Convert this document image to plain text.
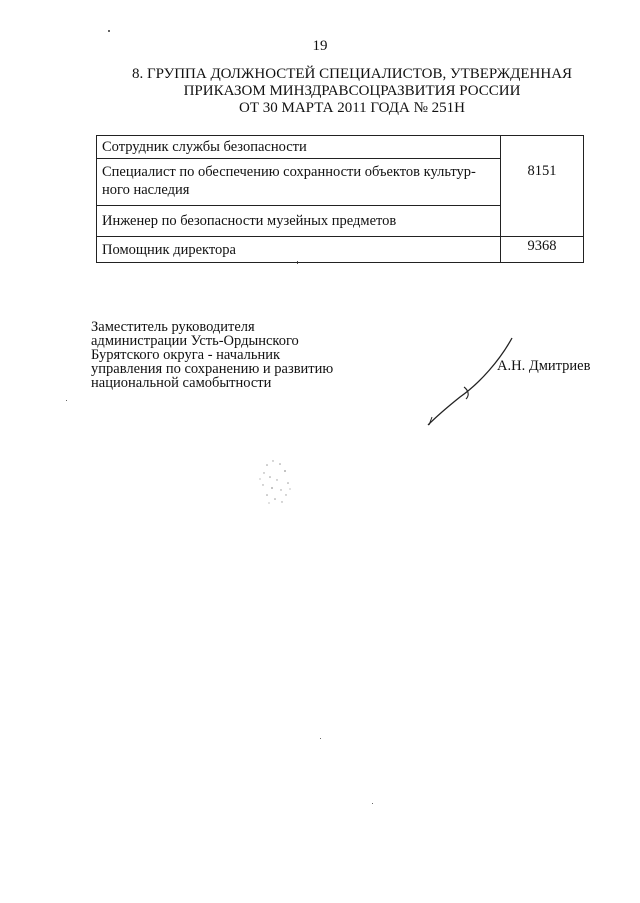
19
8. ГРУППА ДОЛЖНОСТЕЙ СПЕЦИАЛИСТОВ, УТВЕРЖДЕННАЯ
ПРИКАЗОМ МИНЗДРАВСОЦРАЗВИТИЯ РОССИИ
ОТ 30 МАРТА 2011 ГОДА № 251Н
Сотрудник службы безопасности	8151

Специалист по обеспечению сохранности объектов культур-
ного наследия	

Инженер по безопасности музейных предметов	
Помощник директора	9368
Заместитель руководителя
администрации Усть-Ордынского
Бурятского округа - начальник
управления по сохранению и развитию
национальной самобытности
А.Н. Дмитриев
